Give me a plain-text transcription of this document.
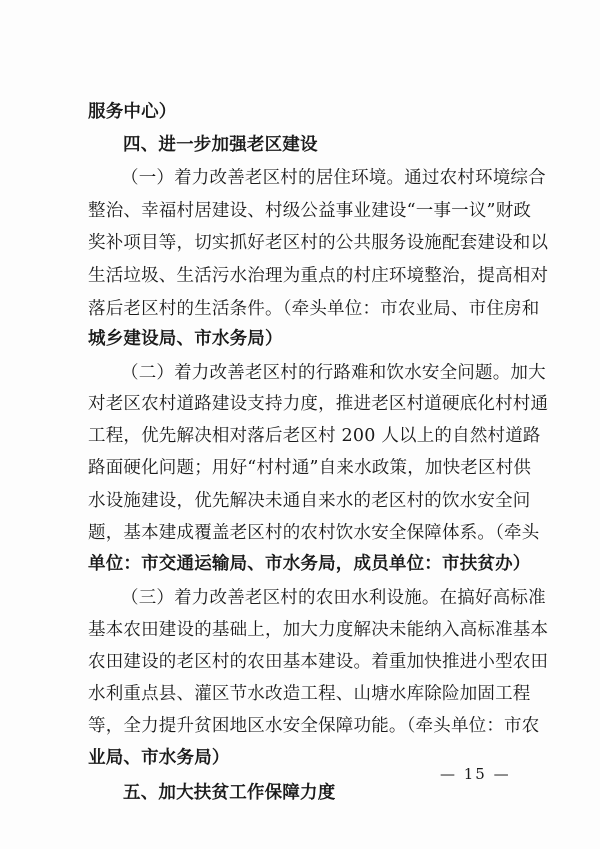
服务中心）
四、进一步加强老区建设
（一）着力改善老区村的居住环境。通过农村环境综合
整治、幸福村居建设、村级公益事业建设“一事一议”财政
奖补项目等，切实抓好老区村的公共服务设施配套建设和以
生活垃圾、生活污水治理为重点的村庄环境整治，提高相对
落后老区村的生活条件。（牵头单位：市农业局、市住房和
城乡建设局、市水务局）
（二）着力改善老区村的行路难和饮水安全问题。加大
对老区农村道路建设支持力度，推进老区村道硬底化村村通
工程，优先解决相对落后老区村 200 人以上的自然村道路
路面硬化问题；用好“村村通”自来水政策，加快老区村供
水设施建设，优先解决未通自来水的老区村的饮水安全问
题，基本建成覆盖老区村的农村饮水安全保障体系。（牵头
单位：市交通运输局、市水务局，成员单位：市扶贫办）
（三）着力改善老区村的农田水利设施。在搞好高标准
基本农田建设的基础上，加大力度解决未能纳入高标准基本
农田建设的老区村的农田基本建设。着重加快推进小型农田
水利重点县、灌区节水改造工程、山塘水库除险加固工程
等，全力提升贫困地区水安全保障功能。（牵头单位：市农
业局、市水务局）
五、加大扶贫工作保障力度
— 15 —
